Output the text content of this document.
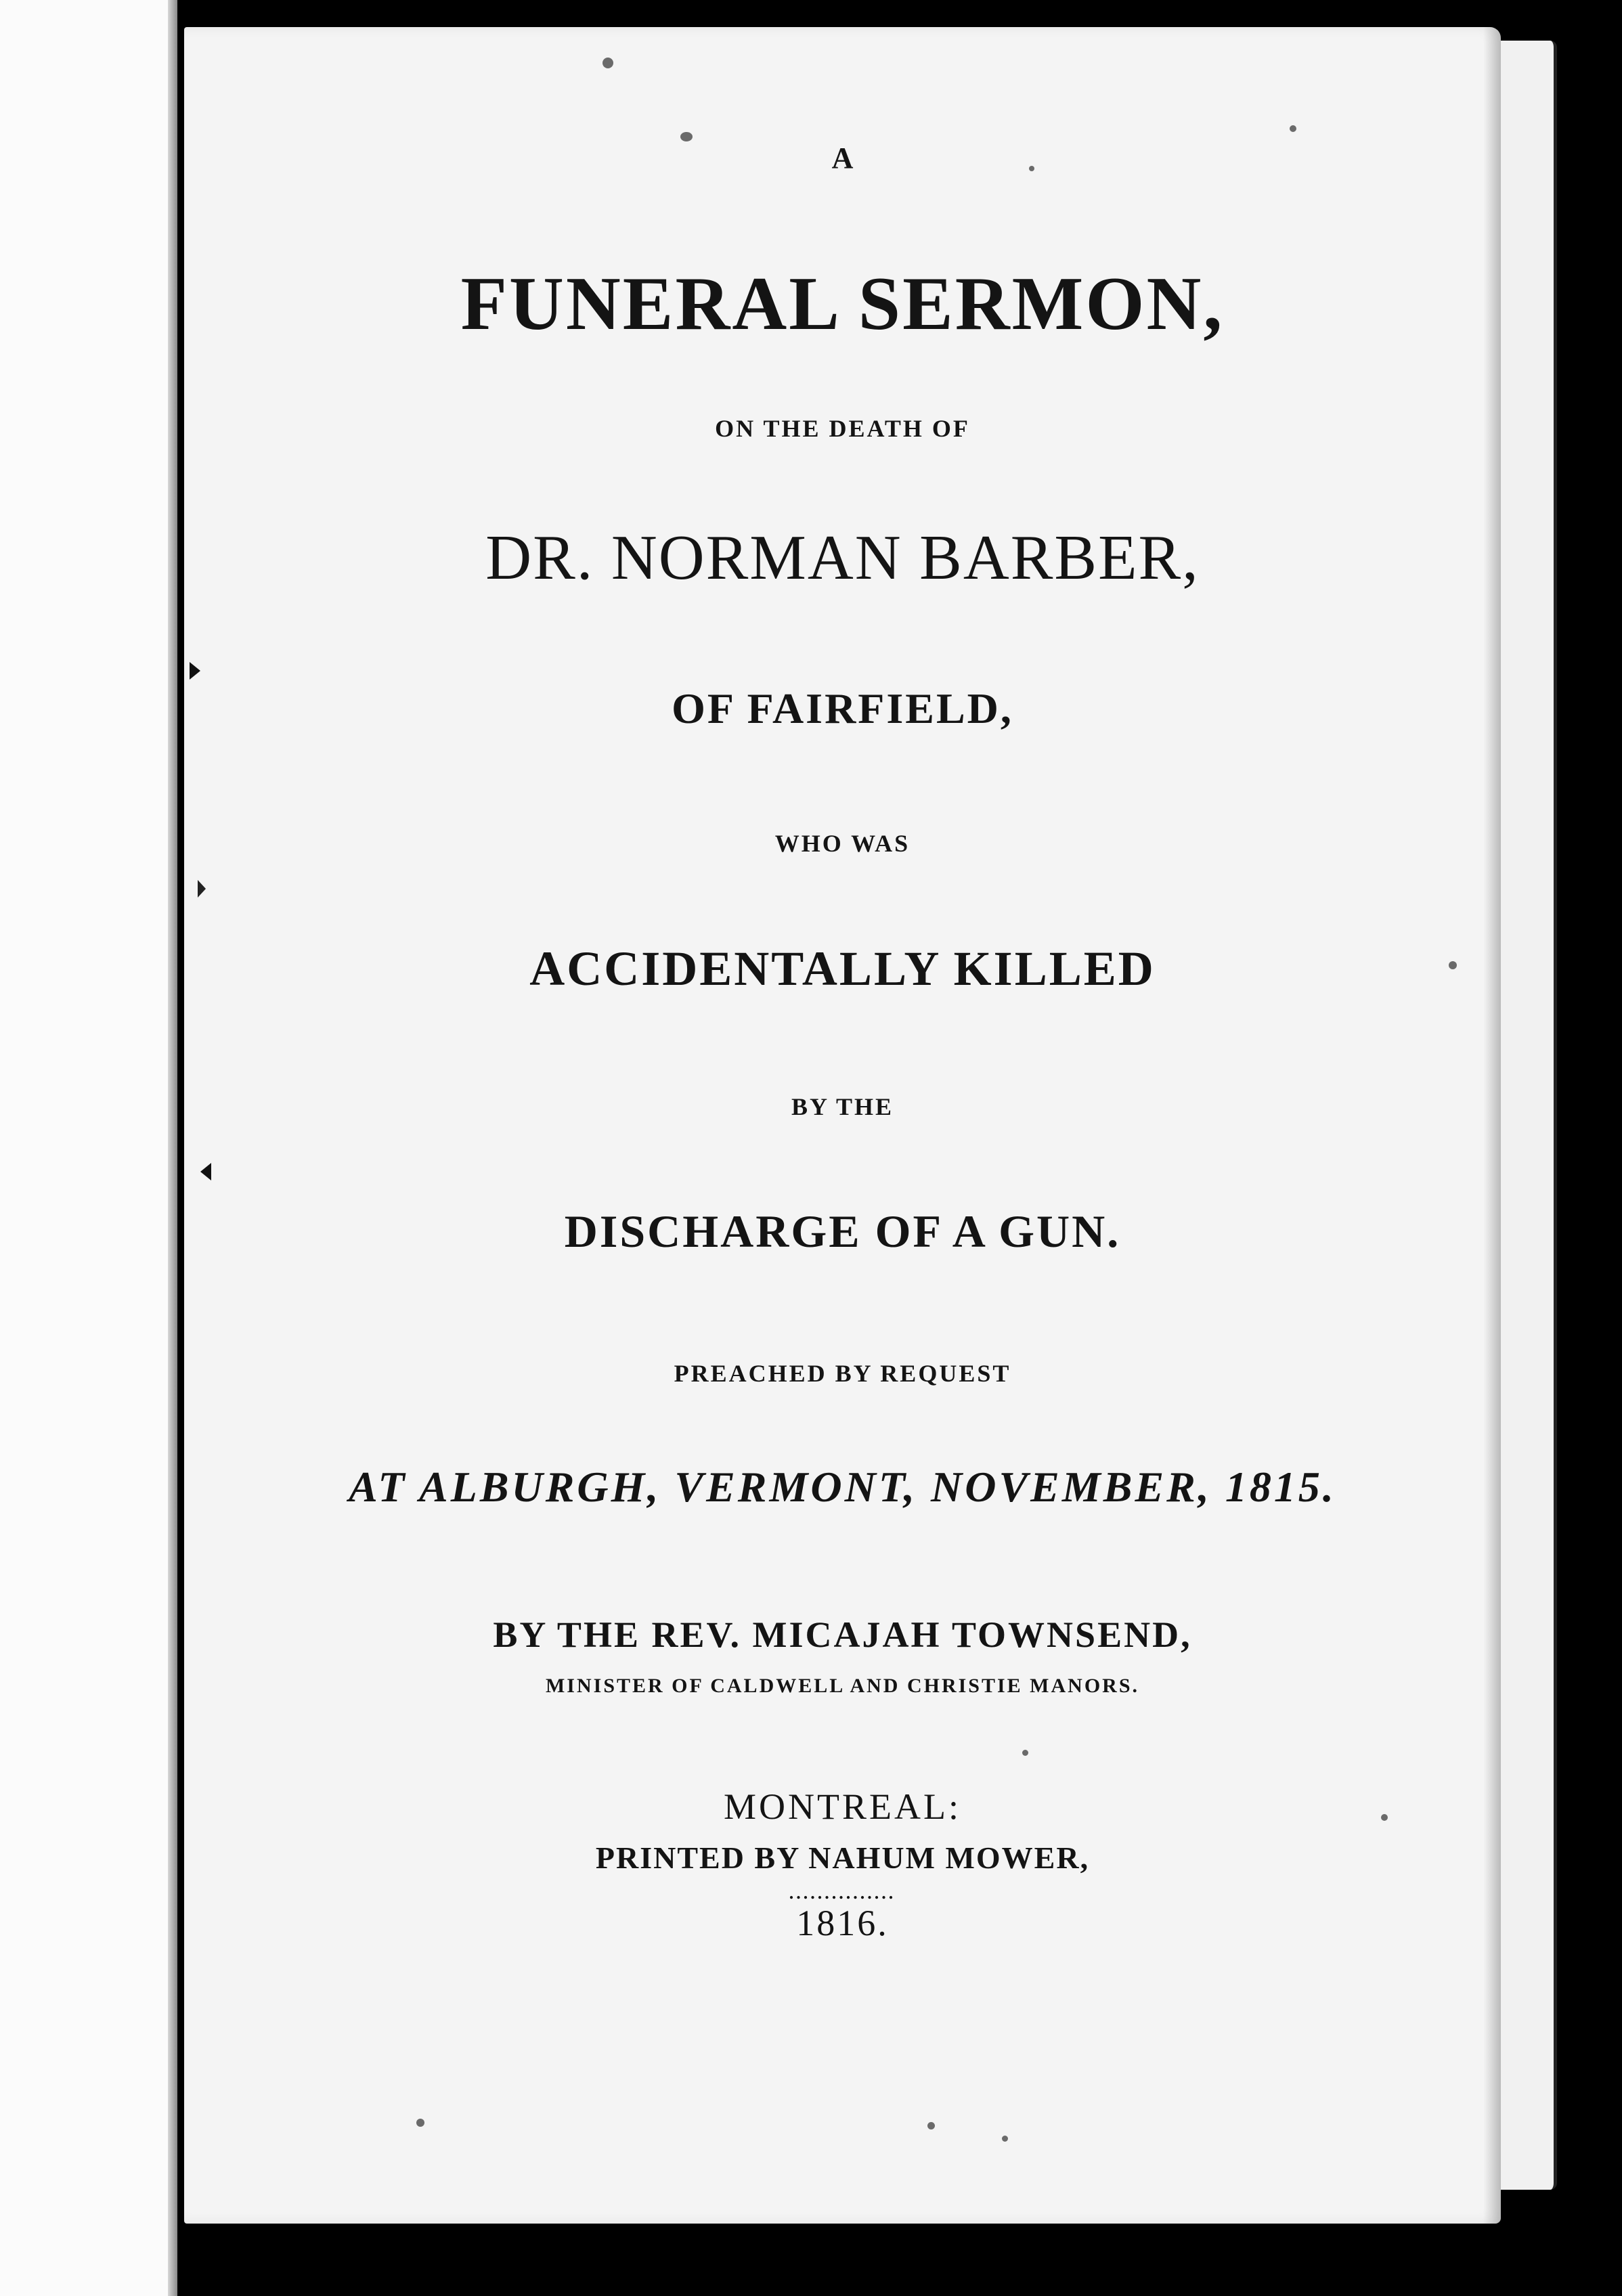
A
FUNERAL SERMON,
ON THE DEATH OF
DR. NORMAN BARBER,
OF FAIRFIELD,
WHO WAS
ACCIDENTALLY KILLED
BY THE
DISCHARGE OF A GUN.
PREACHED BY REQUEST
AT ALBURGH, VERMONT, NOVEMBER, 1815.
BY THE REV. MICAJAH TOWNSEND,
MINISTER OF CALDWELL AND CHRISTIE MANORS.
MONTREAL:
PRINTED BY NAHUM MOWER,
...............
1816.
